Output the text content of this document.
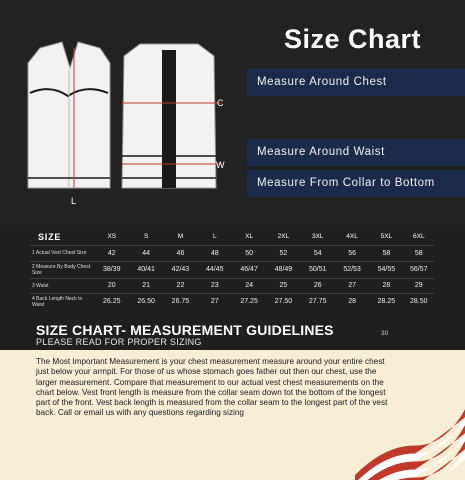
L
C
W
Size Chart
Measure Around Chest
Measure Around Waist
Measure From Collar to Bottom
SIZE	XS	S	M	L	XL	2XL	3XL	4XL	5XL	6XL
1 Actual Vest Chest Size	42	44	46	48	50	52	54	56	58	58
2 Measure By Body Chest Size	38/39	40/41	42/43	44/45	46/47	48/49	50/51	52/53	54/55	56/57
3 Waist	20	21	22	23	24	25	26	27	28	29
4 Back Length Neck to Waist	26.25	26.50	26.75	27	27.25	27.50	27.75	28	28.25	28.50
SIZE CHART- MEASUREMENT GUIDELINES
PLEASE READ FOR PROPER SIZING
30
The Most Important Measurement is your chest measurement measure around your entire chest just below your armpit. For those of us whose stomach goes father out then our chest, use the larger measurement. Compare that measurement to our actual vest chest measurements on the chart below. Vest front length is measure from the collar seam down tot the bottom of the longest part of the front. Vest back length is measured from the collar seam to the longest part of the vest back. Call or email us with any questions regarding sizing
